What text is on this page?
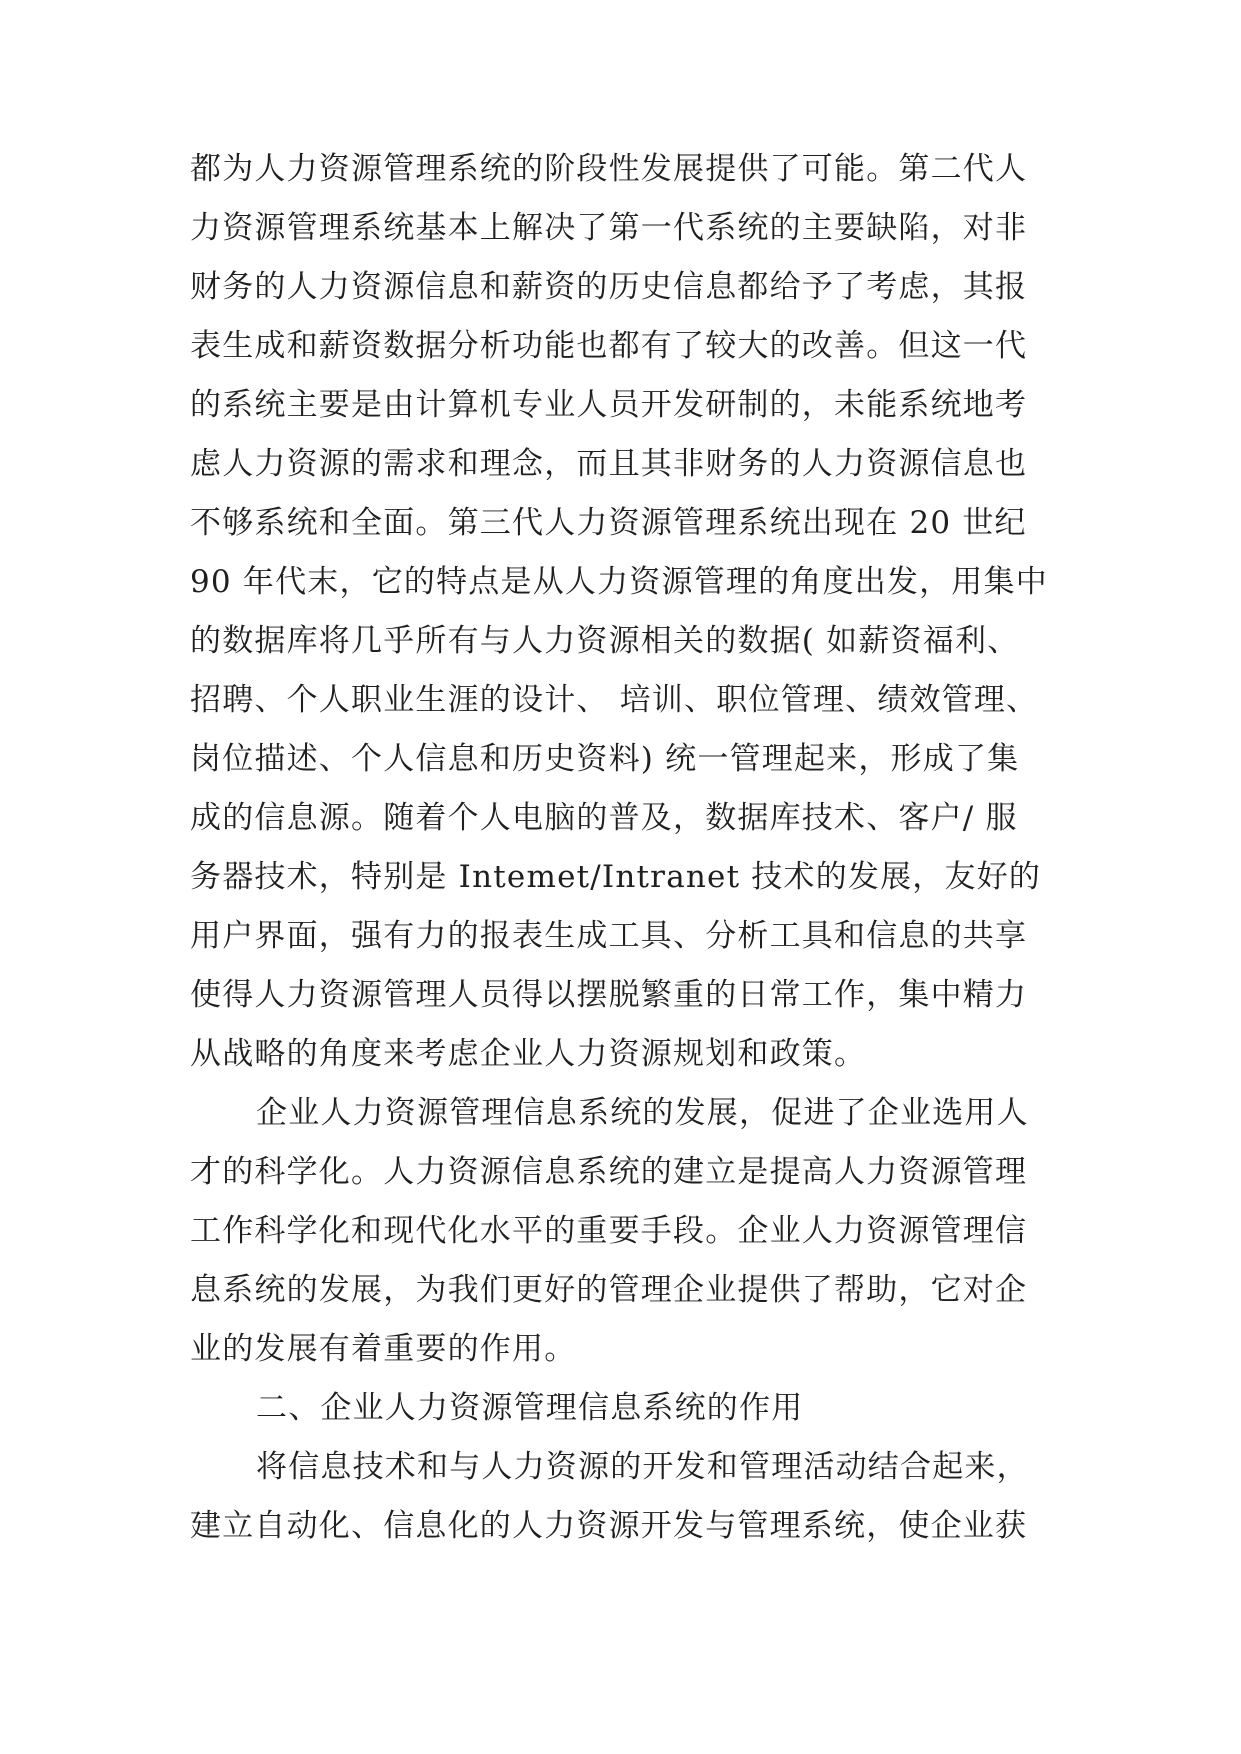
都为人力资源管理系统的阶段性发展提供了可能。第二代人
力资源管理系统基本上解决了第一代系统的主要缺陷，对非
财务的人力资源信息和薪资的历史信息都给予了考虑，其报
表生成和薪资数据分析功能也都有了较大的改善。但这一代
的系统主要是由计算机专业人员开发研制的，未能系统地考
虑人力资源的需求和理念，而且其非财务的人力资源信息也
不够系统和全面。第三代人力资源管理系统出现在 20 世纪
90 年代末，它的特点是从人力资源管理的角度出发，用集中
的数据库将几乎所有与人力资源相关的数据( 如薪资福利、
招聘、个人职业生涯的设计、 培训、职位管理、绩效管理、
岗位描述、个人信息和历史资料) 统一管理起来，形成了集
成的信息源。随着个人电脑的普及，数据库技术、客户/ 服
务器技术，特别是 Intemet/Intranet 技术的发展，友好的
用户界面，强有力的报表生成工具、分析工具和信息的共享
使得人力资源管理人员得以摆脱繁重的日常工作，集中精力
从战略的角度来考虑企业人力资源规划和政策。
企业人力资源管理信息系统的发展，促进了企业选用人
才的科学化。人力资源信息系统的建立是提高人力资源管理
工作科学化和现代化水平的重要手段。企业人力资源管理信
息系统的发展，为我们更好的管理企业提供了帮助，它对企
业的发展有着重要的作用。
二、企业人力资源管理信息系统的作用
将信息技术和与人力资源的开发和管理活动结合起来，
建立自动化、信息化的人力资源开发与管理系统，使企业获
